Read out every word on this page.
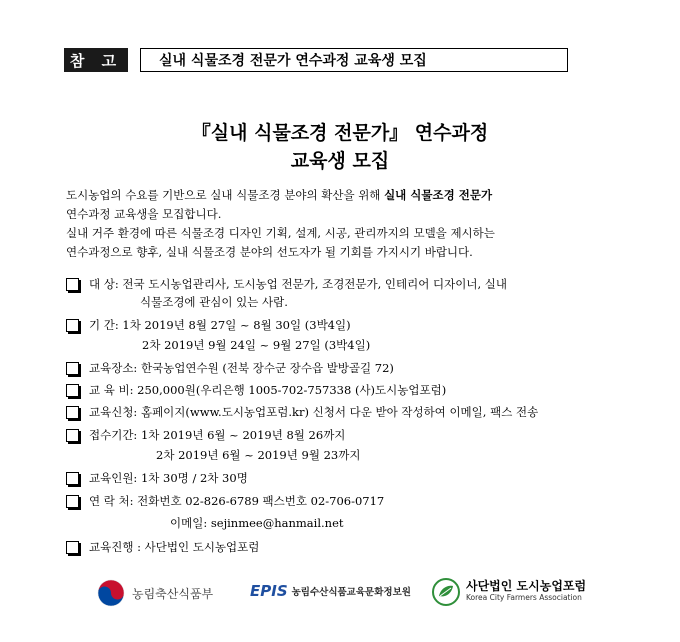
참 고	실내 식물조경 전문가 연수과정 교육생 모집
『실내 식물조경 전문가』 연수과정
교육생 모집
도시농업의 수요를 기반으로 실내 식물조경 분야의 확산을 위해 실내 식물조경 전문가
연수과정 교육생을 모집합니다.
실내 거주 환경에 따른 식물조경 디자인 기획, 설계, 시공, 관리까지의 모델을 제시하는
연수과정으로 향후, 실내 식물조경 분야의 선도자가 될 기회를 가지시기 바랍니다.
대 상 : 전국 도시농업관리사, 도시농업 전문가, 조경전문가, 인테리어 디자이너, 실내
식물조경에 관심이 있는 사람.
기 간 : 1차 2019년 8월 27일 ~ 8월 30일 (3박4일)
2차 2019년 9월 24일 ~ 9월 27일 (3박4일)
교육장소: 한국농업연수원 (전북 장수군 장수읍 발방골길 72)
교 육 비: 250,000원(우리은행 1005-702-757338 (사)도시농업포럼)
교육신청: 홈페이지(www.도시농업포럼.kr) 신청서 다운 받아 작성하여 이메일, 팩스 전송
접수기간: 1차 2019년 6월 ~ 2019년 8월 26까지
2차 2019년 6월 ~ 2019년 9월 23까지
교육인원: 1차 30명 / 2차 30명
연 락 처: 전화번호 02-826-6789 팩스번호 02-706-0717
이메일: sejinmee@hanmail.net
교육진행 : 사단법인 도시농업포럼
농림축산식품부 EPIS 농림수산식품교육문화정보원	사단법인 도시농업포럼
Korea City Farmers Association
